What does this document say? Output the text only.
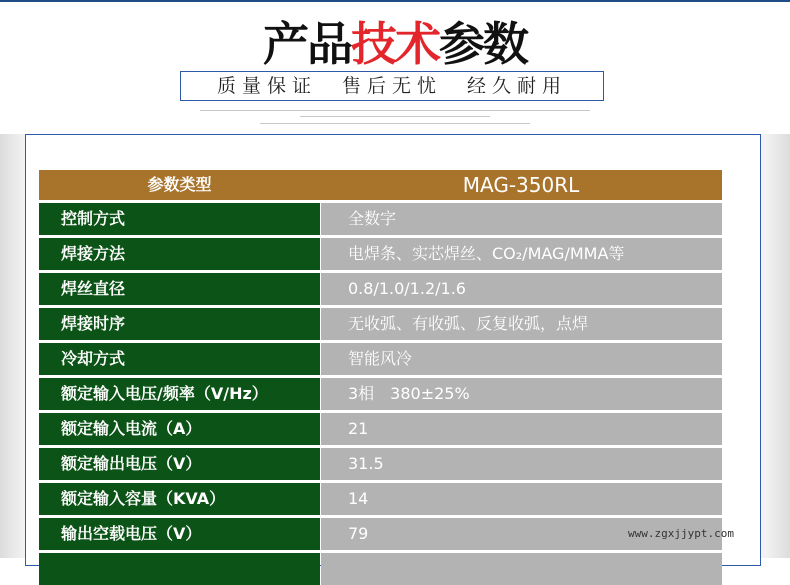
产品技术参数
质量保证　售后无忧　经久耐用
参数类型	MAG-350RL
控制方式	全数字
焊接方法	电焊条、实芯焊丝、CO₂/MAG/MMA等
焊丝直径	0.8/1.0/1.2/1.6
焊接时序	无收弧、有收弧、反复收弧，点焊
冷却方式	智能风冷
额定输入电压/频率（V/Hz）	3相　380±25%
额定输入电流（A）	21
额定输出电压（V）	31.5
额定输入容量（KVA）	14
输出空载电压（V）	79	www.zgxjjypt.com
